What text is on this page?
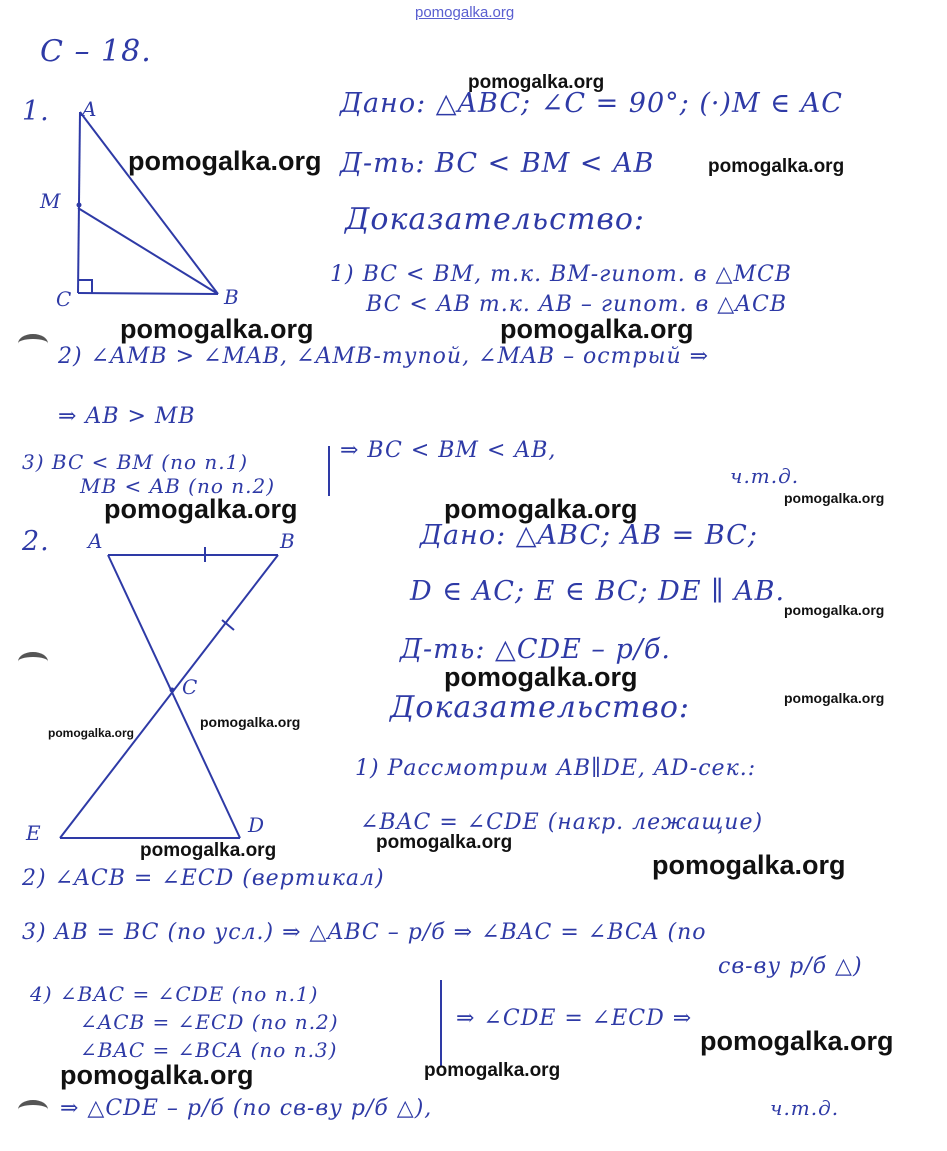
pomogalka.org
С – 18.
1. A
M
C	B
Дано: △ABC; ∠C = 90°; (·)M ∈ AC
Д-ть: BC < BM < AB
Доказательство:
1) BC < BM, т.к. BM-гипот. в △MCB
BC < AB т.к. AB – гипот. в △ACB
2) ∠AMB > ∠MAB, ∠AMB-тупой, ∠MAB – острый ⇒
⇒ AB > MB
3) BC < BM (по п.1)
MB < AB (по п.2)
⇒ BC < BM < AB,
ч.т.д.
2. A	B
C
E	D
Дано: △ABC; AB = BC;
D ∈ AC; E ∈ BC; DE ∥ AB.
Д-ть: △CDE – р/б.
Доказательство:
1) Рассмотрим AB∥DE, AD-сек.:
∠BAC = ∠CDE (накр. лежащие)
2) ∠ACB = ∠ECD (вертикал)
3) AB = BC (по усл.) ⇒ △ABC – р/б ⇒ ∠BAC = ∠BCA (по
св-ву р/б △)
4) ∠BAC = ∠CDE (по п.1)
∠ACB = ∠ECD (по п.2)
∠BAC = ∠BCA (по п.3)
⇒ ∠CDE = ∠ECD ⇒
⇒ △CDE – р/б (по св-ву р/б △),	ч.т.д.
pomogalka.org
pomogalka.org	pomogalka.org
pomogalka.org	pomogalka.org
pomogalka.org
pomogalka.org	pomogalka.org
pomogalka.org
pomogalka.org
pomogalka.org
pomogalka.org
pomogalka.org
pomogalka.org
pomogalka.org	pomogalka.org
pomogalka.org
pomogalka.org
pomogalka.org
